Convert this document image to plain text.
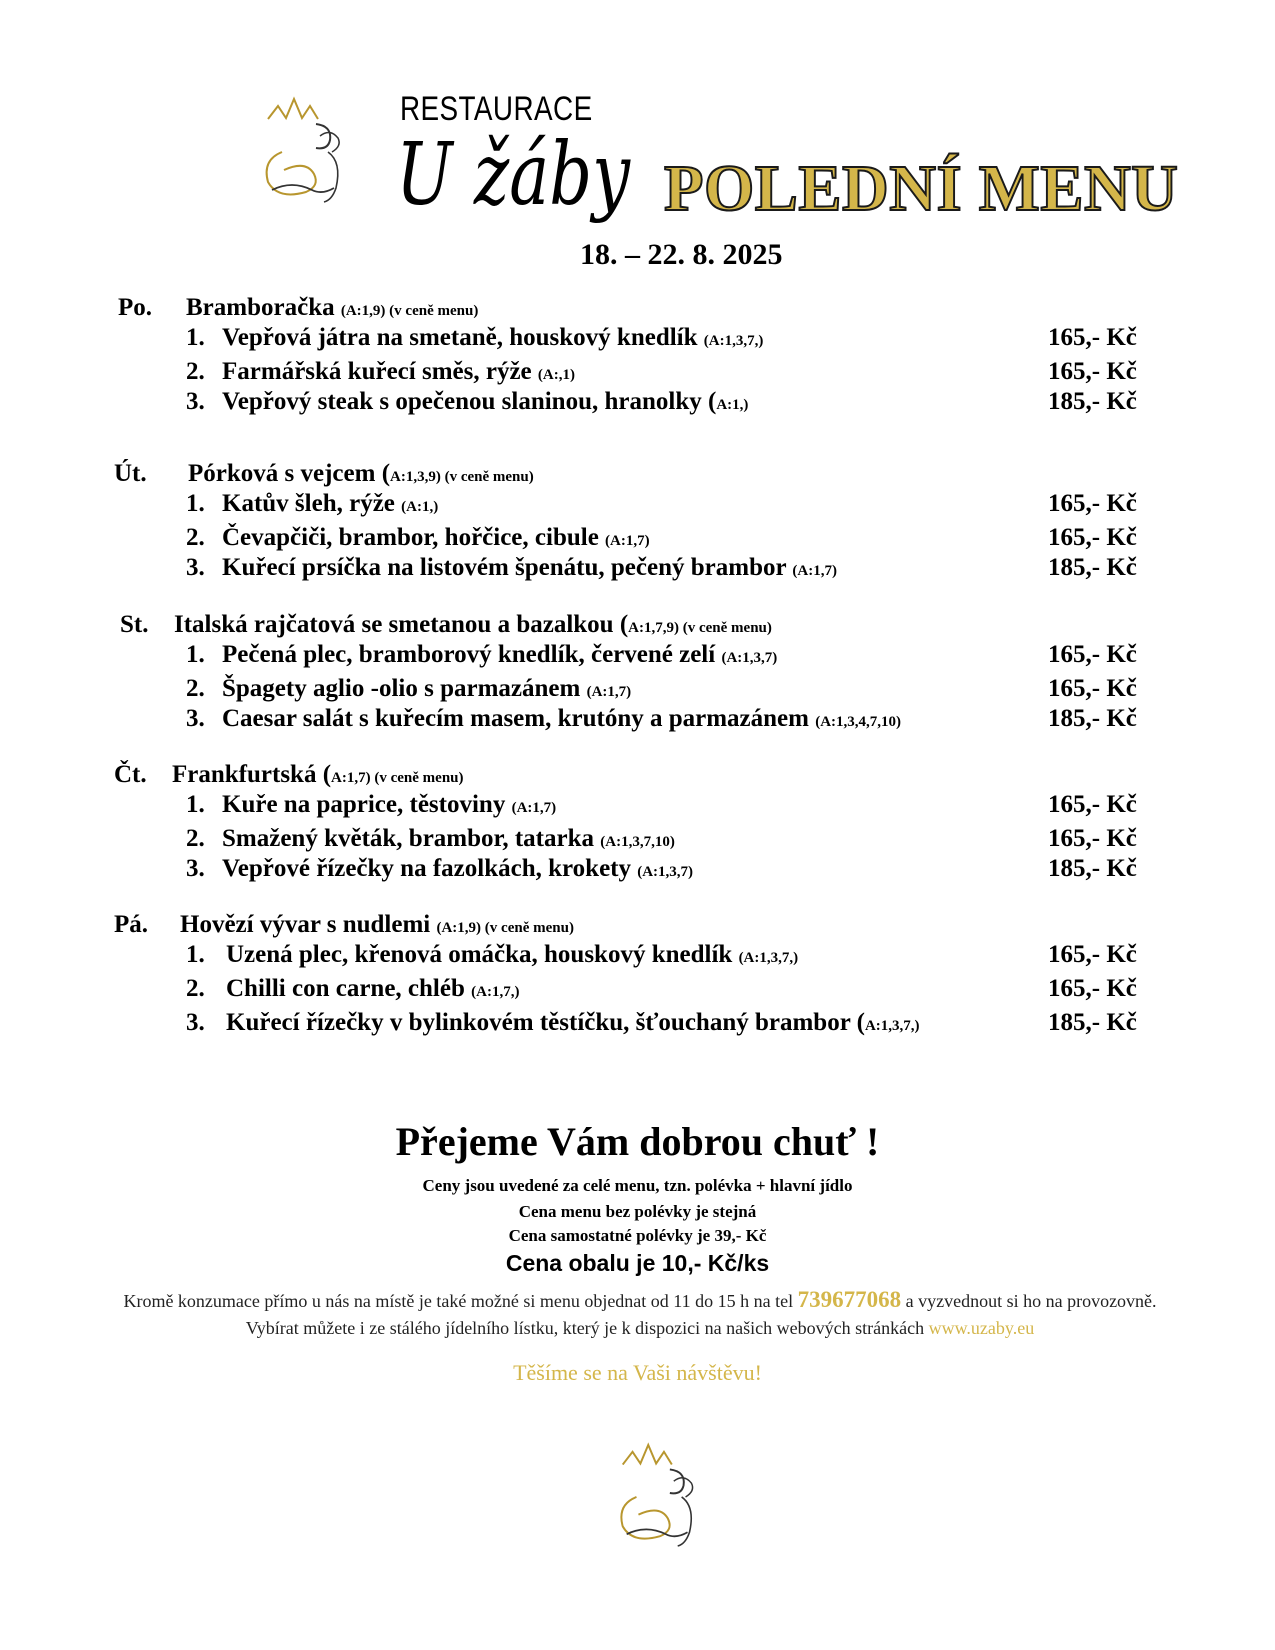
RESTAURACE
U žáby POLEDNÍ MENU
18. – 22. 8. 2025
Po. Bramboračka (A:1,9) (v ceně menu)
1. Vepřová játra na smetaně, houskový knedlík (A:1,3,7,)	165,- Kč
2. Farmářská kuřecí směs, rýže (A:,1)	165,- Kč
3. Vepřový steak s opečenou slaninou, hranolky (A:1,)	185,- Kč
Út. Pórková s vejcem (A:1,3,9) (v ceně menu)
1. Katův šleh, rýže (A:1,)	165,- Kč
2. Čevapčiči, brambor, hořčice, cibule (A:1,7)	165,- Kč
3. Kuřecí prsíčka na listovém špenátu, pečený brambor (A:1,7)	185,- Kč
St. Italská rajčatová se smetanou a bazalkou (A:1,7,9) (v ceně menu)
1. Pečená plec, bramborový knedlík, červené zelí (A:1,3,7)	165,- Kč
2. Špagety aglio -olio s parmazánem (A:1,7)	165,- Kč
3. Caesar salát s kuřecím masem, krutóny a parmazánem (A:1,3,4,7,10)	185,- Kč
Čt. Frankfurtská (A:1,7) (v ceně menu)
1. Kuře na paprice, těstoviny (A:1,7)	165,- Kč
2. Smažený květák, brambor, tatarka (A:1,3,7,10)	165,- Kč
3. Vepřové řízečky na fazolkách, krokety (A:1,3,7)	185,- Kč
Pá. Hovězí vývar s nudlemi (A:1,9) (v ceně menu)
1. Uzená plec, křenová omáčka, houskový knedlík (A:1,3,7,)	165,- Kč
2. Chilli con carne, chléb (A:1,7,)	165,- Kč
3. Kuřecí řízečky v bylinkovém těstíčku, šťouchaný brambor (A:1,3,7,)	185,- Kč
Přejeme Vám dobrou chuť !
Ceny jsou uvedené za celé menu, tzn. polévka + hlavní jídlo
Cena menu bez polévky je stejná
Cena samostatné polévky je 39,- Kč
Cena obalu je 10,- Kč/ks
Kromě konzumace přímo u nás na místě je také možné si menu objednat od 11 do 15 h na tel 739677068 a vyzvednout si ho na provozovně. Vybírat můžete i ze stálého jídelního lístku, který je k dispozici na našich webových stránkách www.uzaby.eu
Těšíme se na Vaši návštěvu!
